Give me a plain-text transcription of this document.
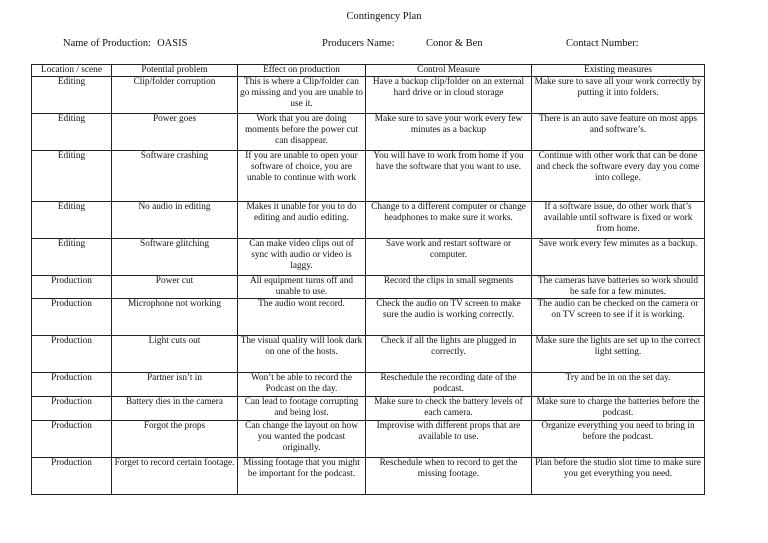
Contingency Plan
Name of Production: OASIS	Producers Name:	Conor & Ben	Contact Number:
Location / scene	Potential problem	Effect on production	Control Measure	Existing measures
Editing	Clip/folder corruption	This is where a Clip/folder can go missing and you are unable to use it.	Have a backup clip/folder on an external hard drive or in cloud storage	Make sure to save all your work correctly by putting it into folders.
Editing	Power goes	Work that you are doing moments before the power cut can disappear.	Make sure to save your work every few minutes as a backup	There is an auto save feature on most apps and software’s.
Editing	Software crashing	If you are unable to open your software of choice, you are unable to continue with work	You will have to work from home if you have the software that you want to use.	Continue with other work that can be done and check the software every day you come into college.
Editing	No audio in editing	Makes it unable for you to do editing and audio editing.	Change to a different computer or change headphones to make sure it works.	If a software issue, do other work that’s available until software is fixed or work from home.
Editing	Software glitching	Can make video clips out of sync with audio or video is laggy.	Save work and restart software or computer.	Save work every few minutes as a backup.
Production	Power cut	All equipment turns off and unable to use.	Record the clips in small segments	The cameras have batteries so work should be safe for a few minutes.
Production	Microphone not working	The audio wont record.	Check the audio on TV screen to make sure the audio is working correctly.	The audio can be checked on the camera or on TV screen to see if it is working.
Production	Light cuts out	The visual quality will look dark on one of the hosts.	Check if all the lights are plugged in correctly.	Make sure the lights are set up to the correct light setting.
Production	Partner isn’t in	Won’t be able to record the Podcast on the day.	Reschedule the recording date of the podcast.	Try and be in on the set day.
Production	Battery dies in the camera	Can lead to footage corrupting and being lost.	Make sure to check the battery levels of each camera.	Make sure to charge the batteries before the podcast.
Production	Forgot the props	Can change the layout on how you wanted the podcast originally.	Improvise with different props that are available to use.	Organize everything you need to bring in before the podcast.
Production	Forget to record certain footage.	Missing footage that you might be important for the podcast.	Reschedule when to record to get the missing footage.	Plan before the studio slot time to make sure you get everything you need.
